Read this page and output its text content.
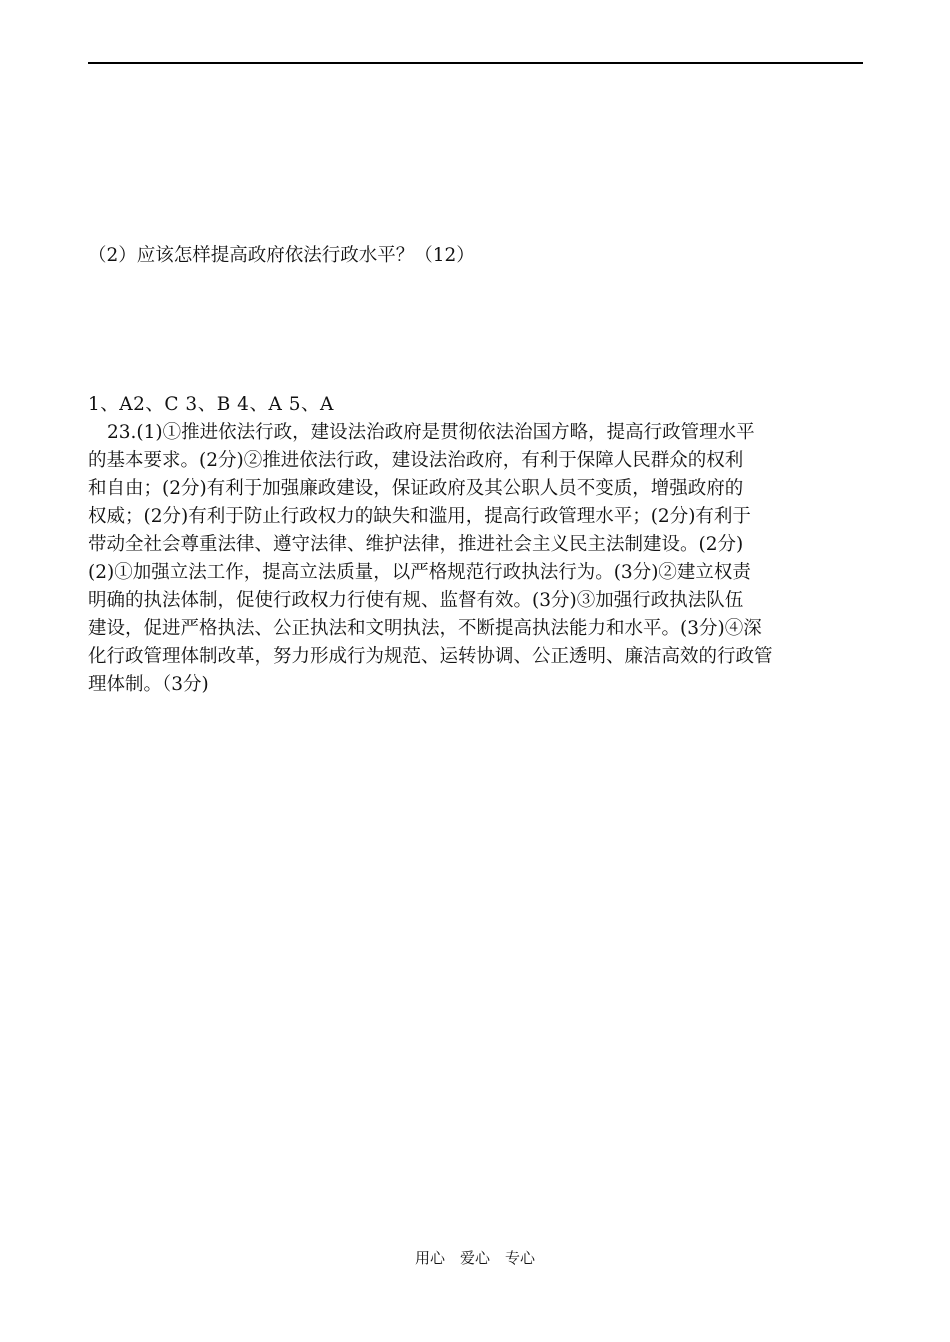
（2）应该怎样提高政府依法行政水平？（12）
1、A2、C 3、B 4、A 5、A
23.(1)①推进依法行政，建设法治政府是贯彻依法治国方略，提高行政管理水平
的基本要求。(2分)②推进依法行政，建设法治政府，有利于保障人民群众的权利
和自由；(2分)有利于加强廉政建设，保证政府及其公职人员不变质，增强政府的
权威；(2分)有利于防止行政权力的缺失和滥用，提高行政管理水平；(2分)有利于
带动全社会尊重法律、遵守法律、维护法律，推进社会主义民主法制建设。(2分)
(2)①加强立法工作，提高立法质量，以严格规范行政执法行为。(3分)②建立权责
明确的执法体制，促使行政权力行使有规、监督有效。(3分)③加强行政执法队伍
建设，促进严格执法、公正执法和文明执法，不断提高执法能力和水平。(3分)④深
化行政管理体制改革，努力形成行为规范、运转协调、公正透明、廉洁高效的行政管
理体制。（3分)
用心　爱心　专心
